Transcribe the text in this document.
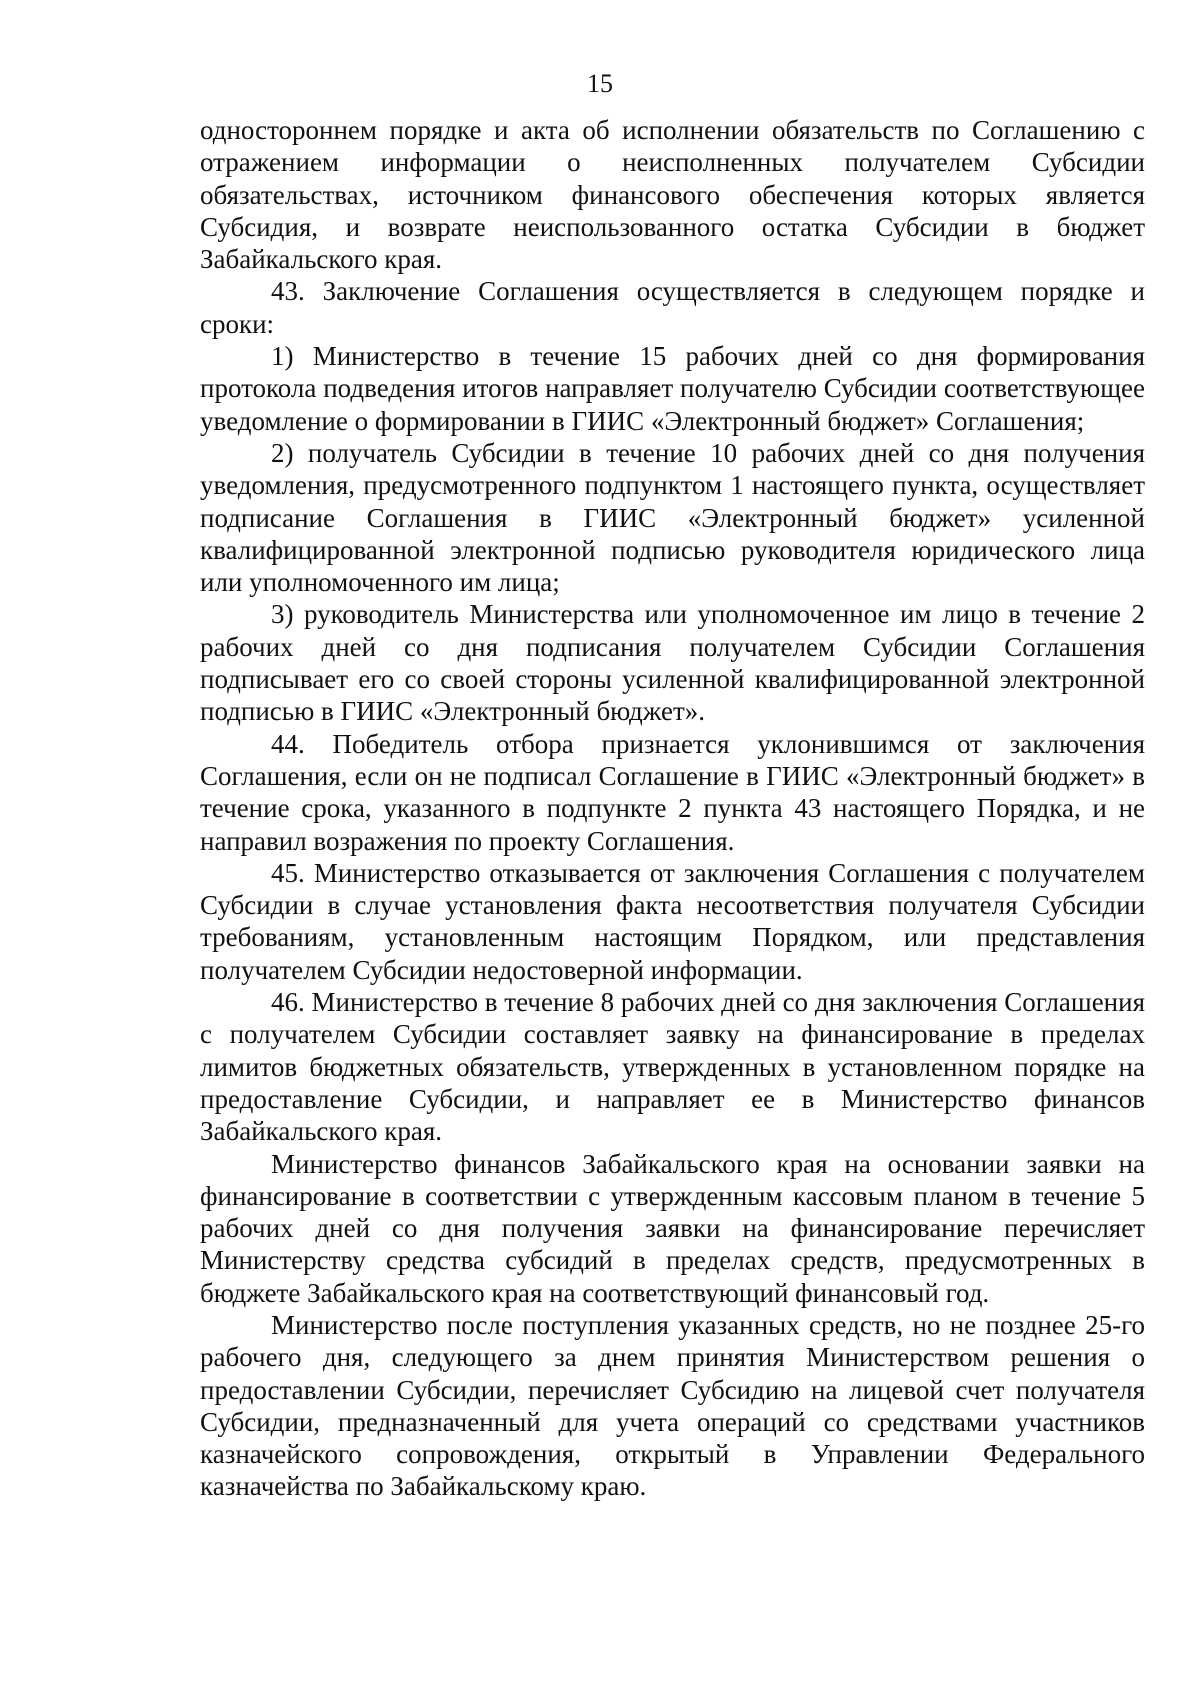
15

одностороннем порядке и акта об исполнении обязательств по Соглашению с отражением информации о неисполненных получателем Субсидии обязательствах, источником финансового обеспечения которых является Субсидия, и возврате неиспользованного остатка Субсидии в бюджет Забайкальского края.

43. Заключение Соглашения осуществляется в следующем порядке и сроки:

1) Министерство в течение 15 рабочих дней со дня формирования протокола подведения итогов направляет получателю Субсидии соответствующее уведомление о формировании в ГИИС «Электронный бюджет» Соглашения;

2) получатель Субсидии в течение 10 рабочих дней со дня получения уведомления, предусмотренного подпунктом 1 настоящего пункта, осуществляет подписание Соглашения в ГИИС «Электронный бюджет» усиленной квалифицированной электронной подписью руководителя юридического лица или уполномоченного им лица;

3) руководитель Министерства или уполномоченное им лицо в течение 2 рабочих дней со дня подписания получателем Субсидии Соглашения подписывает его со своей стороны усиленной квалифицированной электронной подписью в ГИИС «Электронный бюджет».

44. Победитель отбора признается уклонившимся от заключения Соглашения, если он не подписал Соглашение в ГИИС «Электронный бюджет» в течение срока, указанного в подпункте 2 пункта 43 настоящего Порядка, и не направил возражения по проекту Соглашения.

45. Министерство отказывается от заключения Соглашения с получателем Субсидии в случае установления факта несоответствия получателя Субсидии требованиям, установленным настоящим Порядком, или представления получателем Субсидии недостоверной информации.

46. Министерство в течение 8 рабочих дней со дня заключения Соглашения с получателем Субсидии составляет заявку на финансирование в пределах лимитов бюджетных обязательств, утвержденных в установленном порядке на предоставление Субсидии, и направляет ее в Министерство финансов Забайкальского края.

Министерство финансов Забайкальского края на основании заявки на финансирование в соответствии с утвержденным кассовым планом в течение 5 рабочих дней со дня получения заявки на финансирование перечисляет Министерству средства субсидий в пределах средств, предусмотренных в бюджете Забайкальского края на соответствующий финансовый год.

Министерство после поступления указанных средств, но не позднее 25-го рабочего дня, следующего за днем принятия Министерством решения о предоставлении Субсидии, перечисляет Субсидию на лицевой счет получателя Субсидии, предназначенный для учета операций со средствами участников казначейского сопровождения, открытый в Управлении Федерального казначейства по Забайкальскому краю.
